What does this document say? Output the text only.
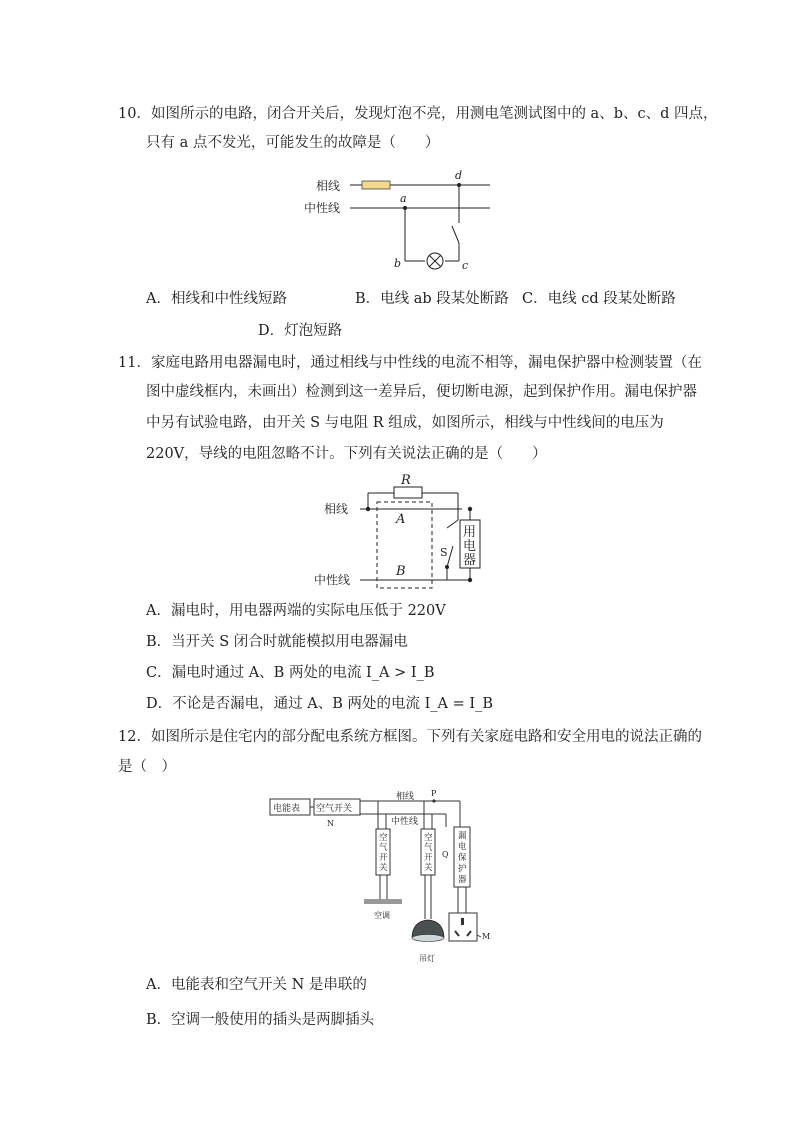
10．如图所示的电路，闭合开关后，发现灯泡不亮，用测电笔测试图中的 a、b、c、d 四点，
只有 a 点不发光，可能发生的故障是（　　）
相线
中性线
a
d
b	c
A．相线和中性线短路	B．电线 ab 段某处断路 C．电线 cd 段某处断路
D．灯泡短路
11．家庭电路用电器漏电时，通过相线与中性线的电流不相等，漏电保护器中检测装置（在
图中虚线框内，未画出）检测到这一差异后，便切断电源，起到保护作用。漏电保护器
中另有试验电路，由开关 S 与电阻 R 组成，如图所示，相线与中性线间的电压为
220V，导线的电阻忽略不计。下列有关说法正确的是（　　）
相线
中性线
R
A
B
S
用
电
器
A．漏电时，用电器两端的实际电压低于 220V
B．当开关 S 闭合时就能模拟用电器漏电
C．漏电时通过 A、B 两处的电流 I_A > I_B
D．不论是否漏电，通过 A、B 两处的电流 I_A = I_B
12．如图所示是住宅内的部分配电系统方框图。下列有关家庭电路和安全用电的说法正确的
是（　）
电能表 空气开关
N
相线 P
中性线
Q
M
空
气
开
关
空
气
开
关
漏
电
保
护
器
空调
吊灯
A．电能表和空气开关 N 是串联的
B．空调一般使用的插头是两脚插头
